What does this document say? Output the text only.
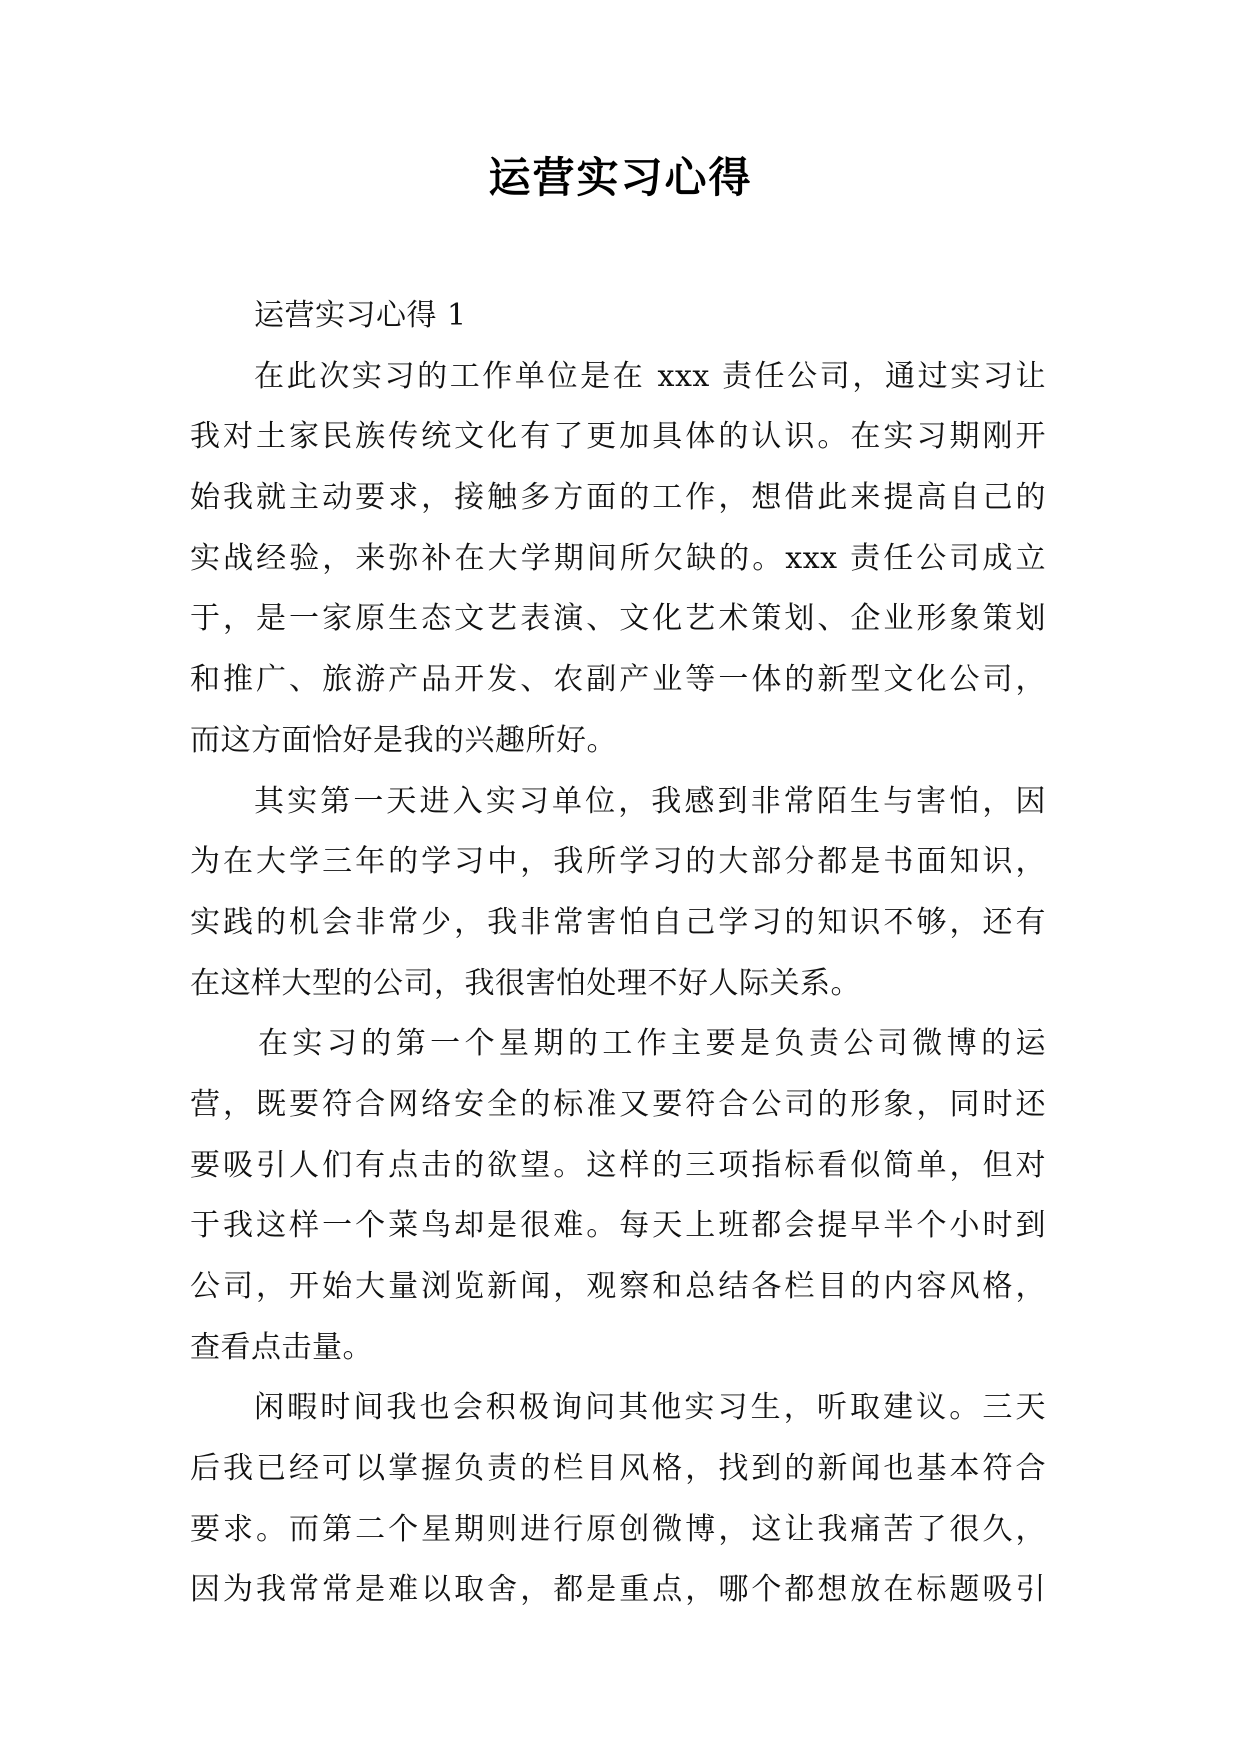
运营实习心得
运营实习心得 1
在此次实习的工作单位是在 xxx 责任公司，通过实习让
我对土家民族传统文化有了更加具体的认识。在实习期刚开
始我就主动要求，接触多方面的工作，想借此来提高自己的
实战经验，来弥补在大学期间所欠缺的。xxx 责任公司成立
于，是一家原生态文艺表演、文化艺术策划、企业形象策划
和推广、旅游产品开发、农副产业等一体的新型文化公司，
而这方面恰好是我的兴趣所好。
其实第一天进入实习单位，我感到非常陌生与害怕，因
为在大学三年的学习中，我所学习的大部分都是书面知识，
实践的机会非常少，我非常害怕自己学习的知识不够，还有
在这样大型的公司，我很害怕处理不好人际关系。
在实习的第一个星期的工作主要是负责公司微博的运
营，既要符合网络安全的标准又要符合公司的形象，同时还
要吸引人们有点击的欲望。这样的三项指标看似简单，但对
于我这样一个菜鸟却是很难。每天上班都会提早半个小时到
公司，开始大量浏览新闻，观察和总结各栏目的内容风格，
查看点击量。
闲暇时间我也会积极询问其他实习生，听取建议。三天
后我已经可以掌握负责的栏目风格，找到的新闻也基本符合
要求。而第二个星期则进行原创微博，这让我痛苦了很久，
因为我常常是难以取舍，都是重点，哪个都想放在标题吸引
